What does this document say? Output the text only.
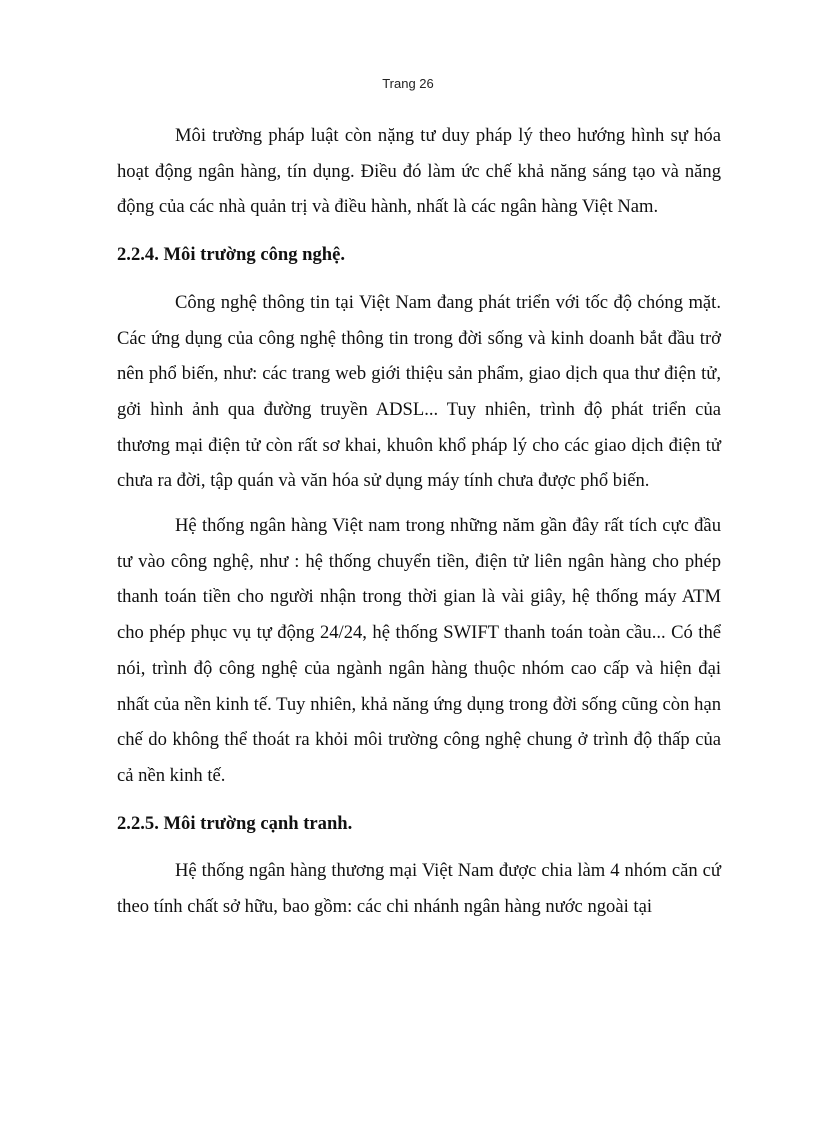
Trang 26

Môi trường pháp luật còn nặng tư duy pháp lý theo hướng hình sự hóa hoạt động ngân hàng, tín dụng. Điều đó làm ức chế khả năng sáng tạo và năng động của các nhà quản trị và điều hành, nhất là các ngân hàng Việt Nam.

2.2.4. Môi trường công nghệ.

Công nghệ thông tin tại Việt Nam đang phát triển với tốc độ chóng mặt. Các ứng dụng của công nghệ thông tin trong đời sống và kinh doanh bắt đầu trở nên phổ biến, như: các trang web giới thiệu sản phẩm, giao dịch qua thư điện tử, gởi hình ảnh qua đường truyền ADSL... Tuy nhiên, trình độ phát triển của thương mại điện tử còn rất sơ khai, khuôn khổ pháp lý cho các giao dịch điện tử chưa ra đời, tập quán và văn hóa sử dụng máy tính chưa được phổ biến.

Hệ thống ngân hàng Việt nam trong những năm gần đây rất tích cực đầu tư vào công nghệ, như : hệ thống chuyển tiền, điện tử liên ngân hàng cho phép thanh toán tiền cho người nhận trong thời gian là vài giây, hệ thống máy ATM cho phép phục vụ tự động 24/24, hệ thống SWIFT thanh toán toàn cầu... Có thể nói, trình độ công nghệ của ngành ngân hàng thuộc nhóm cao cấp và hiện đại nhất của nền kinh tế. Tuy nhiên, khả năng ứng dụng trong đời sống cũng còn hạn chế do không thể thoát ra khỏi môi trường công nghệ chung ở trình độ thấp của cả nền kinh tế.

2.2.5. Môi trường cạnh tranh.

Hệ thống ngân hàng thương mại Việt Nam được chia làm 4 nhóm căn cứ theo tính chất sở hữu, bao gồm: các chi nhánh ngân hàng nước ngoài tại
